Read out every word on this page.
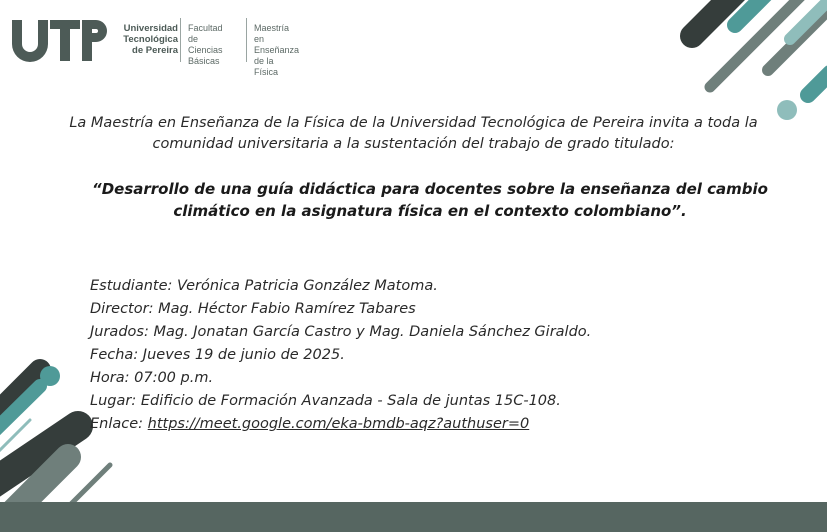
Universidad
Tecnológica
de Pereira
Facultad
de Ciencias
Básicas
Maestría
en Enseñanza
de la Física

La Maestría en Enseñanza de la Física de la Universidad Tecnológica de Pereira invita a toda la comunidad universitaria a la sustentación del trabajo de grado titulado:

“Desarrollo de una guía didáctica para docentes sobre la enseñanza del cambio climático en la asignatura física en el contexto colombiano”.

Estudiante: Verónica Patricia González Matoma.
Director: Mag. Héctor Fabio Ramírez Tabares
Jurados: Mag. Jonatan García Castro y Mag. Daniela Sánchez Giraldo.
Fecha: Jueves 19 de junio de 2025.
Hora: 07:00 p.m.
Lugar: Edificio de Formación Avanzada - Sala de juntas 15C-108.
Enlace: https://meet.google.com/eka-bmdb-aqz?authuser=0
